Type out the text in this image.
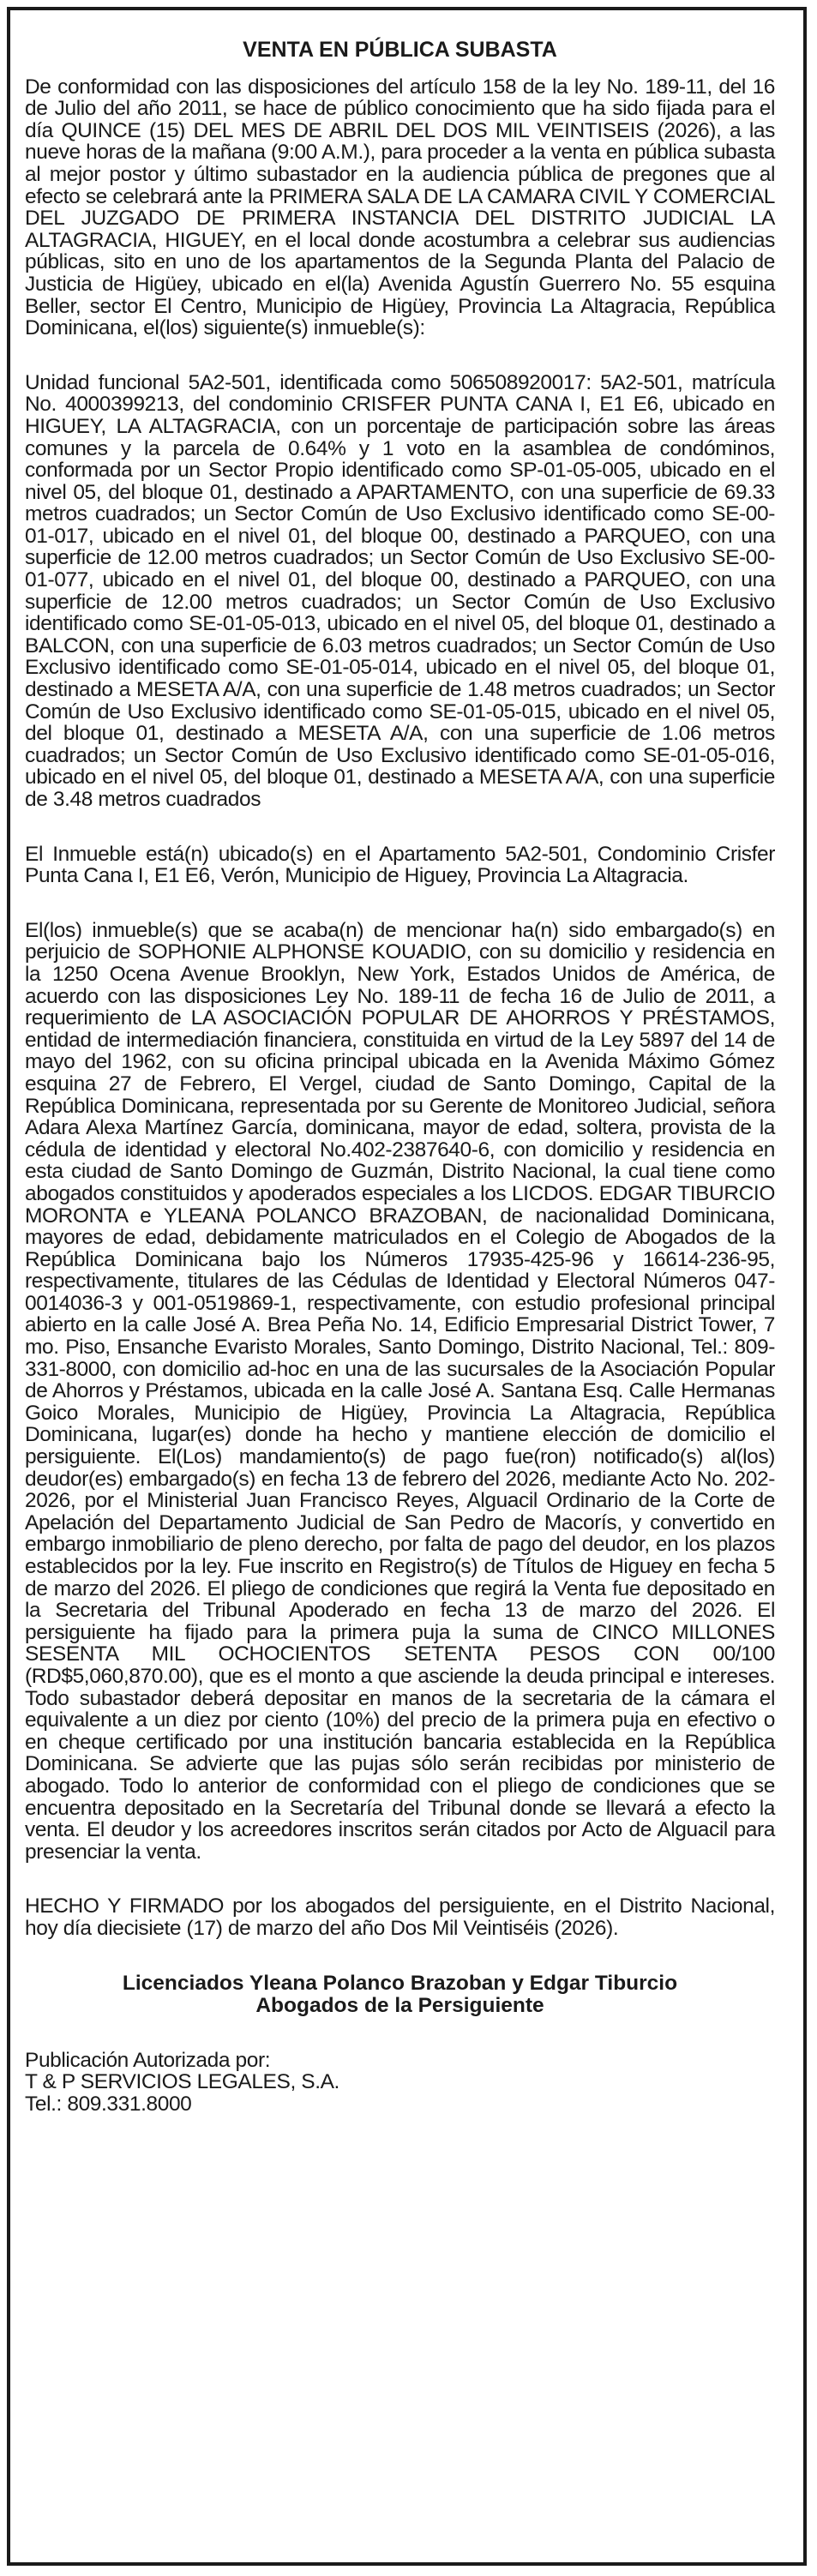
VENTA EN PÚBLICA SUBASTA

De conformidad con las disposiciones del artículo 158 de la ley No. 189-11, del 16 de Julio del año 2011, se hace de público conocimiento que ha sido fijada para el día QUINCE (15) DEL MES DE ABRIL DEL DOS MIL VEINTISEIS (2026), a las nueve horas de la mañana (9:00 A.M.), para proceder a la venta en pública subasta al mejor postor y último subastador en la audiencia pública de pregones que al efecto se celebrará ante la PRIMERA SALA DE LA CAMARA CIVIL Y COMERCIAL DEL JUZGADO DE PRIMERA INSTANCIA DEL DISTRITO JUDICIAL LA ALTAGRACIA, HIGUEY, en el local donde acostumbra a celebrar sus audiencias públicas, sito en uno de los apartamentos de la Segunda Planta del Palacio de Justicia de Higüey, ubicado en el(la) Avenida Agustín Guerrero No. 55 esquina Beller, sector El Centro, Municipio de Higüey, Provincia La Altagracia, República Dominicana, el(los) siguiente(s) inmueble(s):

Unidad funcional 5A2-501, identificada como 506508920017: 5A2-501, matrícula No. 4000399213, del condominio CRISFER PUNTA CANA I, E1 E6, ubicado en HIGUEY, LA ALTAGRACIA, con un porcentaje de participación sobre las áreas comunes y la parcela de 0.64% y 1 voto en la asamblea de condóminos, conformada por un Sector Propio identificado como SP-01-05-005, ubicado en el nivel 05, del bloque 01, destinado a APARTAMENTO, con una superficie de 69.33 metros cuadrados; un Sector Común de Uso Exclusivo identificado como SE-00-01-017, ubicado en el nivel 01, del bloque 00, destinado a PARQUEO, con una superficie de 12.00 metros cuadrados; un Sector Común de Uso Exclusivo SE-00-01-077, ubicado en el nivel 01, del bloque 00, destinado a PARQUEO, con una superficie de 12.00 metros cuadrados; un Sector Común de Uso Exclusivo identificado como SE-01-05-013, ubicado en el nivel 05, del bloque 01, destinado a BALCON, con una superficie de 6.03 metros cuadrados; un Sector Común de Uso Exclusivo identificado como SE-01-05-014, ubicado en el nivel 05, del bloque 01, destinado a MESETA A/A, con una superficie de 1.48 metros cuadrados; un Sector Común de Uso Exclusivo identificado como SE-01-05-015, ubicado en el nivel 05, del bloque 01, destinado a MESETA A/A, con una superficie de 1.06 metros cuadrados; un Sector Común de Uso Exclusivo identificado como SE-01-05-016, ubicado en el nivel 05, del bloque 01, destinado a MESETA A/A, con una superficie de 3.48 metros cuadrados

El Inmueble está(n) ubicado(s) en el Apartamento 5A2-501, Condominio Crisfer Punta Cana I, E1 E6, Verón, Municipio de Higuey, Provincia La Altagracia.

El(los) inmueble(s) que se acaba(n) de mencionar ha(n) sido embargado(s) en perjuicio de SOPHONIE ALPHONSE KOUADIO, con su domicilio y residencia en la 1250 Ocena Avenue Brooklyn, New York, Estados Unidos de América, de acuerdo con las disposiciones Ley No. 189-11 de fecha 16 de Julio de 2011, a requerimiento de LA ASOCIACIÓN POPULAR DE AHORROS Y PRÉSTAMOS, entidad de intermediación financiera, constituida en virtud de la Ley 5897 del 14 de mayo del 1962, con su oficina principal ubicada en la Avenida Máximo Gómez esquina 27 de Febrero, El Vergel, ciudad de Santo Domingo, Capital de la República Dominicana, representada por su Gerente de Monitoreo Judicial, señora Adara Alexa Martínez García, dominicana, mayor de edad, soltera, provista de la cédula de identidad y electoral No.402-2387640-6, con domicilio y residencia en esta ciudad de Santo Domingo de Guzmán, Distrito Nacional, la cual tiene como abogados constituidos y apoderados especiales a los LICDOS. EDGAR TIBURCIO MORONTA e YLEANA POLANCO BRAZOBAN, de nacionalidad Dominicana, mayores de edad, debidamente matriculados en el Colegio de Abogados de la República Dominicana bajo los Números 17935-425-96 y 16614-236-95, respectivamente, titulares de las Cédulas de Identidad y Electoral Números 047-0014036-3 y 001-0519869-1, respectivamente, con estudio profesional principal abierto en la calle José A. Brea Peña No. 14, Edificio Empresarial District Tower, 7 mo. Piso, Ensanche Evaristo Morales, Santo Domingo, Distrito Nacional, Tel.: 809-331-8000, con domicilio ad-hoc en una de las sucursales de la Asociación Popular de Ahorros y Préstamos, ubicada en la calle José A. Santana Esq. Calle Hermanas Goico Morales, Municipio de Higüey, Provincia La Altagracia, República Dominicana, lugar(es) donde ha hecho y mantiene elección de domicilio el persiguiente. El(Los) mandamiento(s) de pago fue(ron) notificado(s) al(los) deudor(es) embargado(s) en fecha 13 de febrero del 2026, mediante Acto No. 202-2026, por el Ministerial Juan Francisco Reyes, Alguacil Ordinario de la Corte de Apelación del Departamento Judicial de San Pedro de Macorís, y convertido en embargo inmobiliario de pleno derecho, por falta de pago del deudor, en los plazos establecidos por la ley. Fue inscrito en Registro(s) de Títulos de Higuey en fecha 5 de marzo del 2026. El pliego de condiciones que regirá la Venta fue depositado en la Secretaria del Tribunal Apoderado en fecha 13 de marzo del 2026. El persiguiente ha fijado para la primera puja la suma de CINCO MILLONES SESENTA MIL OCHOCIENTOS SETENTA PESOS CON 00/100 (RD$5,060,870.00), que es el monto a que asciende la deuda principal e intereses. Todo subastador deberá depositar en manos de la secretaria de la cámara el equivalente a un diez por ciento (10%) del precio de la primera puja en efectivo o en cheque certificado por una institución bancaria establecida en la República Dominicana. Se advierte que las pujas sólo serán recibidas por ministerio de abogado. Todo lo anterior de conformidad con el pliego de condiciones que se encuentra depositado en la Secretaría del Tribunal donde se llevará a efecto la venta. El deudor y los acreedores inscritos serán citados por Acto de Alguacil para presenciar la venta.

HECHO Y FIRMADO por los abogados del persiguiente, en el Distrito Nacional, hoy día diecisiete (17) de marzo del año Dos Mil Veintiséis (2026).

Licenciados Yleana Polanco Brazoban y Edgar Tiburcio
Abogados de la Persiguiente
Publicación Autorizada por:
T & P SERVICIOS LEGALES, S.A.
Tel.: 809.331.8000
